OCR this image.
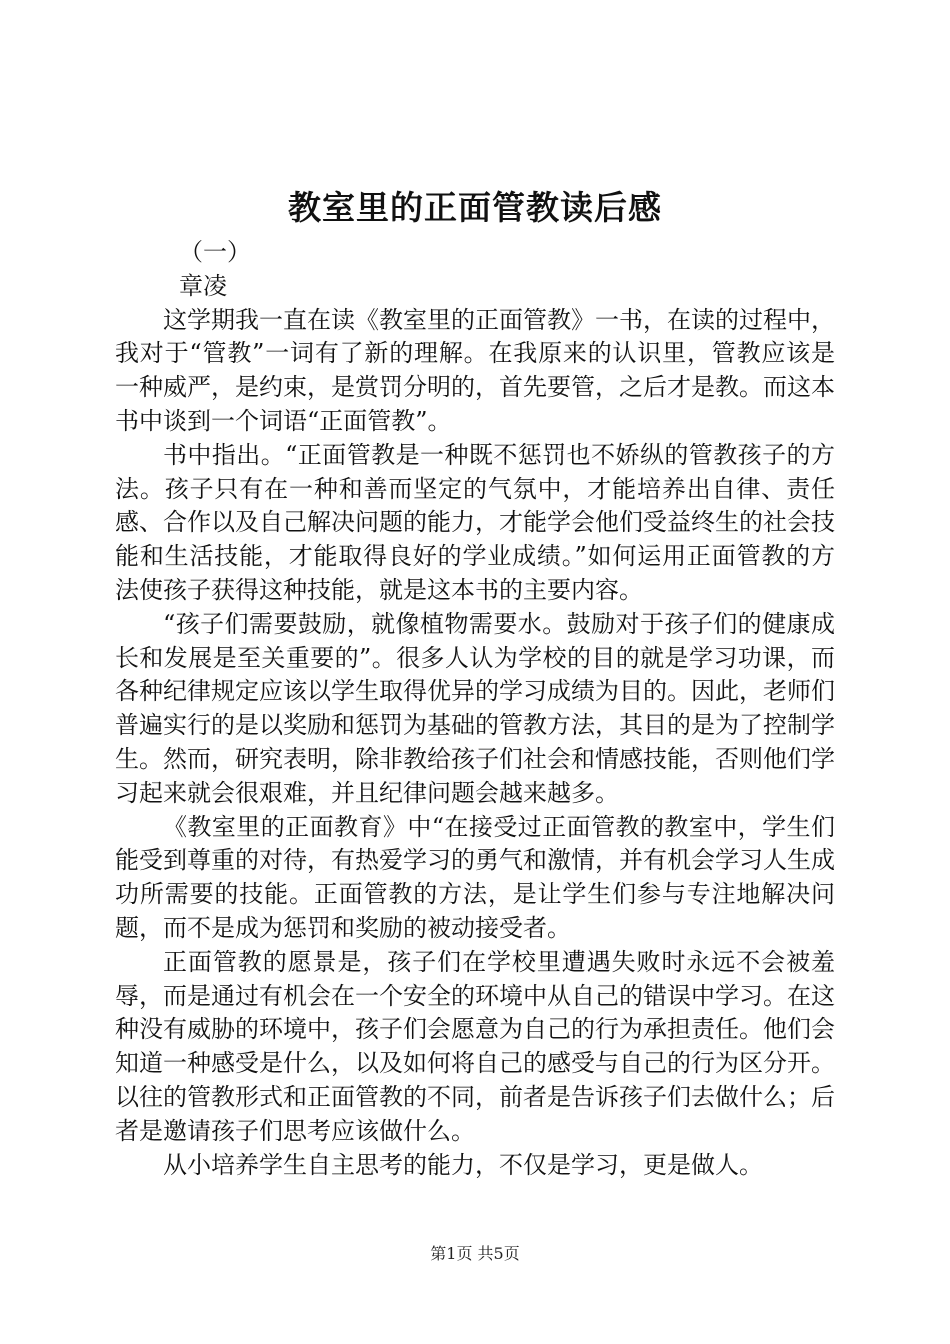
教室里的正面管教读后感

（一）

章凌

这学期我一直在读《教室里的正面管教》一书，在读的过程中，我对于“管教”一词有了新的理解。在我原来的认识里，管教应该是一种威严，是约束，是赏罚分明的，首先要管，之后才是教。而这本书中谈到一个词语“正面管教”。

书中指出。“正面管教是一种既不惩罚也不娇纵的管教孩子的方法。孩子只有在一种和善而坚定的气氛中，才能培养出自律、责任感、合作以及自己解决问题的能力，才能学会他们受益终生的社会技能和生活技能，才能取得良好的学业成绩。”如何运用正面管教的方法使孩子获得这种技能，就是这本书的主要内容。

“孩子们需要鼓励，就像植物需要水。鼓励对于孩子们的健康成长和发展是至关重要的”。很多人认为学校的目的就是学习功课，而各种纪律规定应该以学生取得优异的学习成绩为目的。因此，老师们普遍实行的是以奖励和惩罚为基础的管教方法，其目的是为了控制学生。然而，研究表明，除非教给孩子们社会和情感技能，否则他们学习起来就会很艰难，并且纪律问题会越来越多。

《教室里的正面教育》中“在接受过正面管教的教室中，学生们能受到尊重的对待，有热爱学习的勇气和激情，并有机会学习人生成功所需要的技能。正面管教的方法，是让学生们参与专注地解决问题，而不是成为惩罚和奖励的被动接受者。

正面管教的愿景是，孩子们在学校里遭遇失败时永远不会被羞辱，而是通过有机会在一个安全的环境中从自己的错误中学习。在这种没有威胁的环境中，孩子们会愿意为自己的行为承担责任。他们会知道一种感受是什么，以及如何将自己的感受与自己的行为区分开。以往的管教形式和正面管教的不同，前者是告诉孩子们去做什么；后者是邀请孩子们思考应该做什么。

从小培养学生自主思考的能力，不仅是学习，更是做人。

第1页 共5页
